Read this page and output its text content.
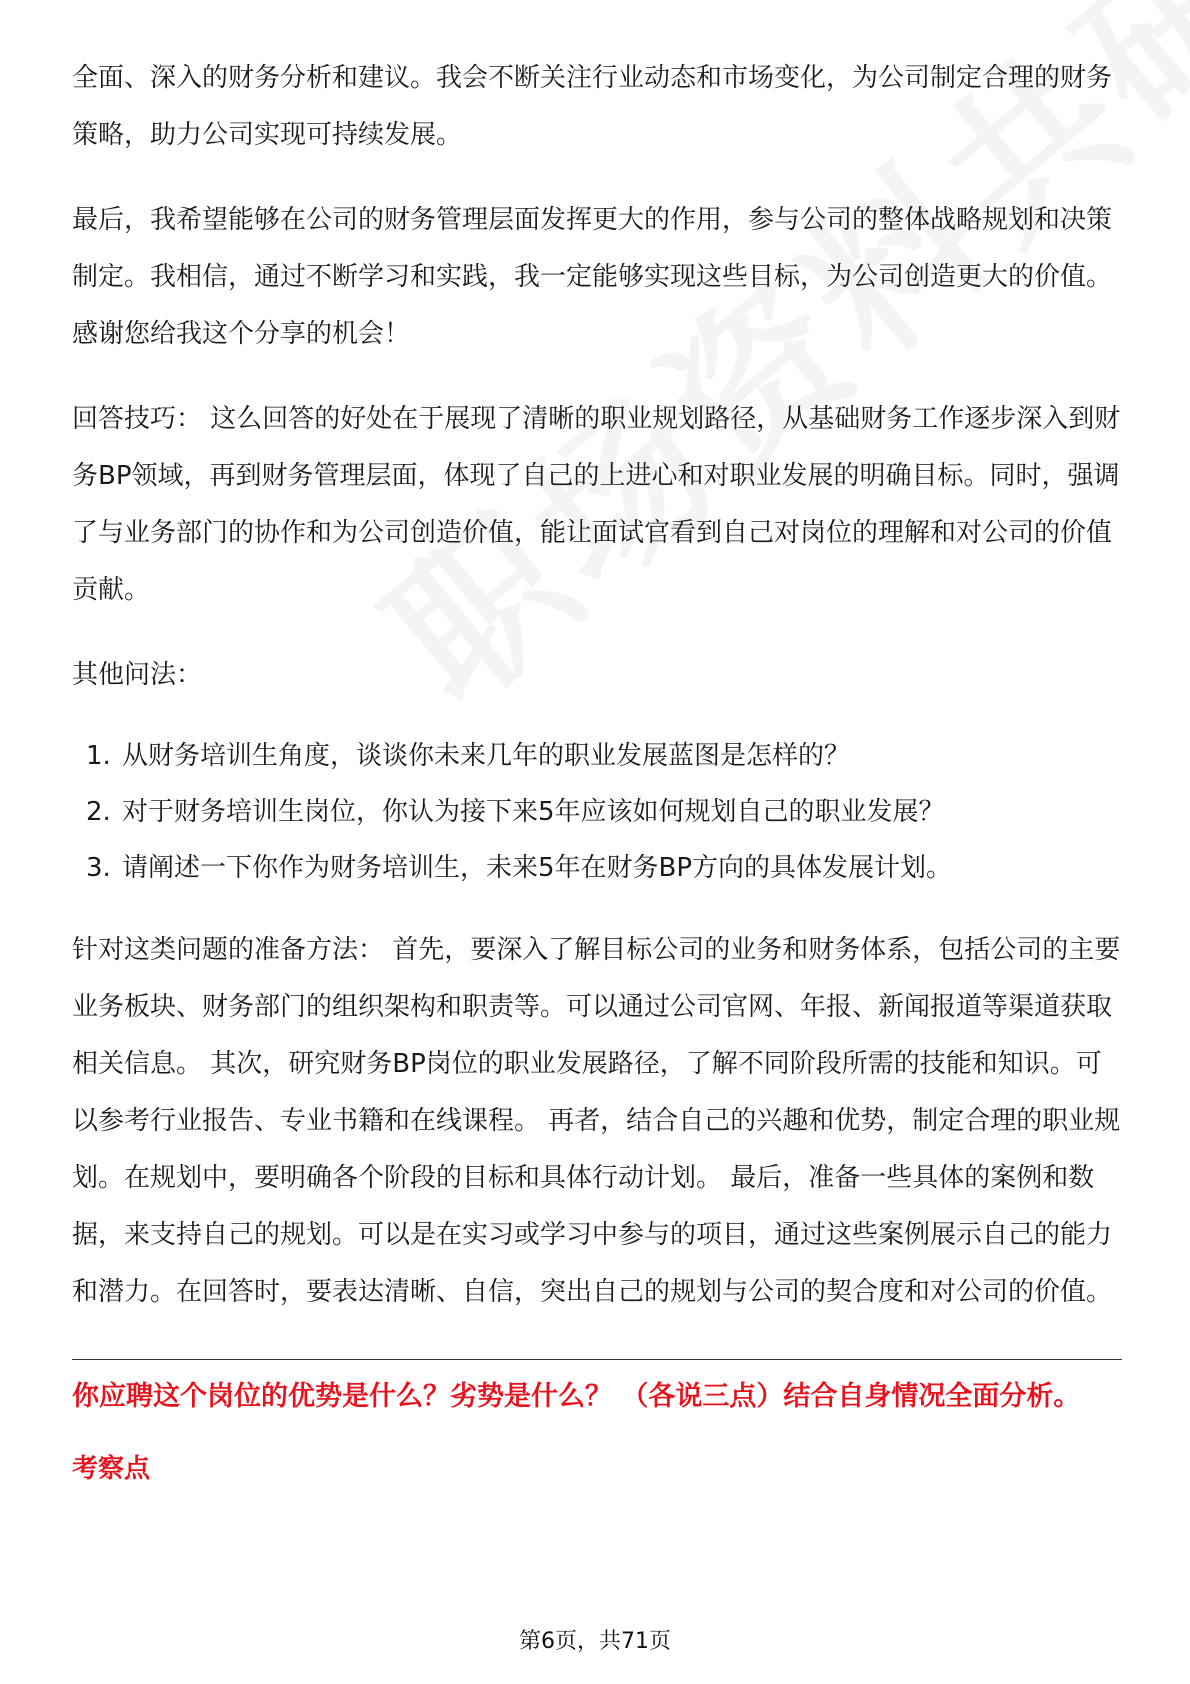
全面、深入的财务分析和建议。我会不断关注行业动态和市场变化，为公司制定合理的财务策略，助力公司实现可持续发展。

最后，我希望能够在公司的财务管理层面发挥更大的作用，参与公司的整体战略规划和决策制定。我相信，通过不断学习和实践，我一定能够实现这些目标，为公司创造更大的价值。感谢您给我这个分享的机会！

回答技巧： 这么回答的好处在于展现了清晰的职业规划路径，从基础财务工作逐步深入到财务BP领域，再到财务管理层面，体现了自己的上进心和对职业发展的明确目标。同时，强调了与业务部门的协作和为公司创造价值，能让面试官看到自己对岗位的理解和对公司的价值贡献。

其他问法：

1. 从财务培训生角度，谈谈你未来几年的职业发展蓝图是怎样的？
2. 对于财务培训生岗位，你认为接下来5年应该如何规划自己的职业发展？
3. 请阐述一下你作为财务培训生，未来5年在财务BP方向的具体发展计划。

针对这类问题的准备方法： 首先，要深入了解目标公司的业务和财务体系，包括公司的主要业务板块、财务部门的组织架构和职责等。可以通过公司官网、年报、新闻报道等渠道获取相关信息。 其次，研究财务BP岗位的职业发展路径，了解不同阶段所需的技能和知识。可以参考行业报告、专业书籍和在线课程。 再者，结合自己的兴趣和优势，制定合理的职业规划。在规划中，要明确各个阶段的目标和具体行动计划。 最后，准备一些具体的案例和数据，来支持自己的规划。可以是在实习或学习中参与的项目，通过这些案例展示自己的能力和潜力。在回答时，要表达清晰、自信，突出自己的规划与公司的契合度和对公司的价值。

你应聘这个岗位的优势是什么？劣势是什么？ （各说三点）结合自身情况全面分析。

考察点

第6页，共71页
